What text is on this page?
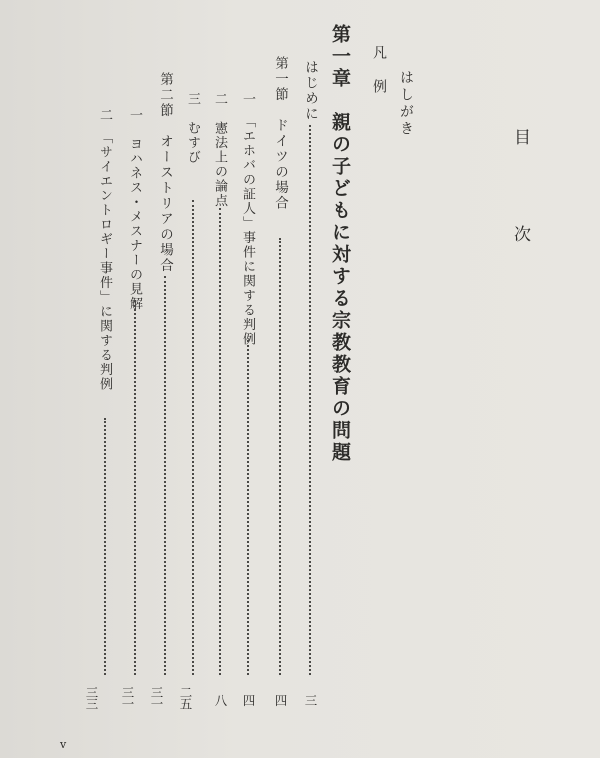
目次
はしがき
凡　例
第一章　親の子どもに対する宗教教育の問題
はじめに
三
第一節　ドイツの場合
四
一　「エホバの証人」事件に関する判例
四
二　憲法上の論点
八
三　むすび
二五
第二節　オーストリアの場合
三一
一　ヨハネス・メスナーの見解
三一
二　「サイエントロギー事件」に関する判例
三三
v
